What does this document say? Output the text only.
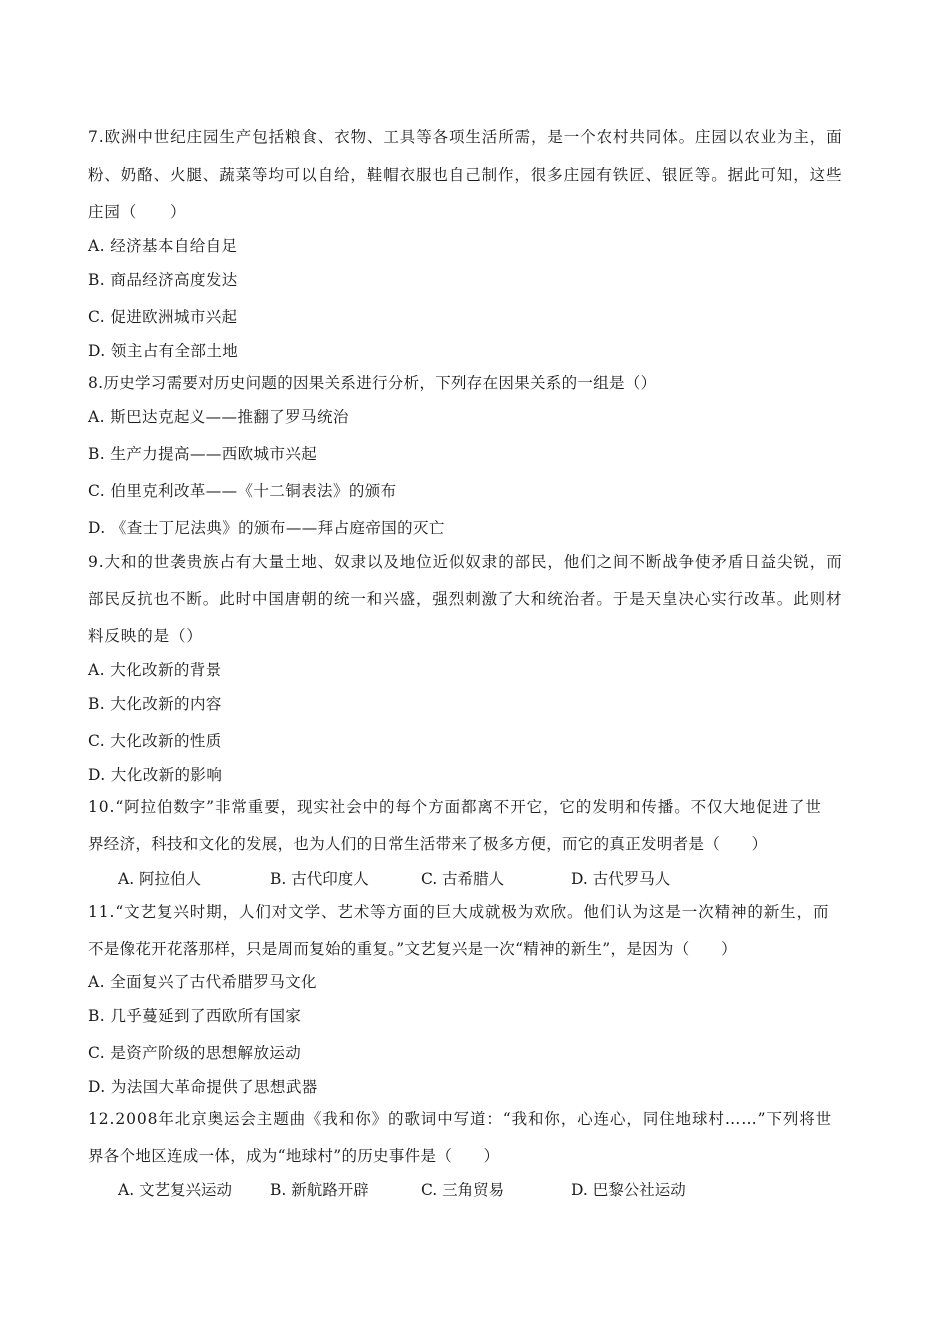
7.欧洲中世纪庄园生产包括粮食、衣物、工具等各项生活所需，是一个农村共同体。庄园以农业为主，面
粉、奶酪、火腿、蔬菜等均可以自给，鞋帽衣服也自己制作，很多庄园有铁匠、银匠等。据此可知，这些
庄园（　　）
A. 经济基本自给自足
B. 商品经济高度发达
C. 促进欧洲城市兴起
D. 领主占有全部土地
8.历史学习需要对历史问题的因果关系进行分析，下列存在因果关系的一组是（）
A. 斯巴达克起义——推翻了罗马统治
B. 生产力提高——西欧城市兴起
C. 伯里克利改革——《十二铜表法》的颁布
D. 《查士丁尼法典》的颁布——拜占庭帝国的灭亡
9.大和的世袭贵族占有大量土地、奴隶以及地位近似奴隶的部民，他们之间不断战争使矛盾日益尖锐，而
部民反抗也不断。此时中国唐朝的统一和兴盛，强烈刺激了大和统治者。于是天皇决心实行改革。此则材
料反映的是（）
A. 大化改新的背景
B. 大化改新的内容
C. 大化改新的性质
D. 大化改新的影响
10.“阿拉伯数字”非常重要，现实社会中的每个方面都离不开它，它的发明和传播。不仅大地促进了世
界经济，科技和文化的发展，也为人们的日常生活带来了极多方便，而它的真正发明者是（　　）
A. 阿拉伯人	B. 古代印度人	C. 古希腊人	D. 古代罗马人
11.“文艺复兴时期，人们对文学、艺术等方面的巨大成就极为欢欣。他们认为这是一次精神的新生，而
不是像花开花落那样，只是周而复始的重复。”文艺复兴是一次“精神的新生”，是因为（　　）
A. 全面复兴了古代希腊罗马文化
B. 几乎蔓延到了西欧所有国家
C. 是资产阶级的思想解放运动
D. 为法国大革命提供了思想武器
12.2008年北京奥运会主题曲《我和你》的歌词中写道：“我和你，心连心，同住地球村……”下列将世
界各个地区连成一体，成为“地球村”的历史事件是（　　）
A. 文艺复兴运动 B. 新航路开辟	C. 三角贸易	D. 巴黎公社运动
